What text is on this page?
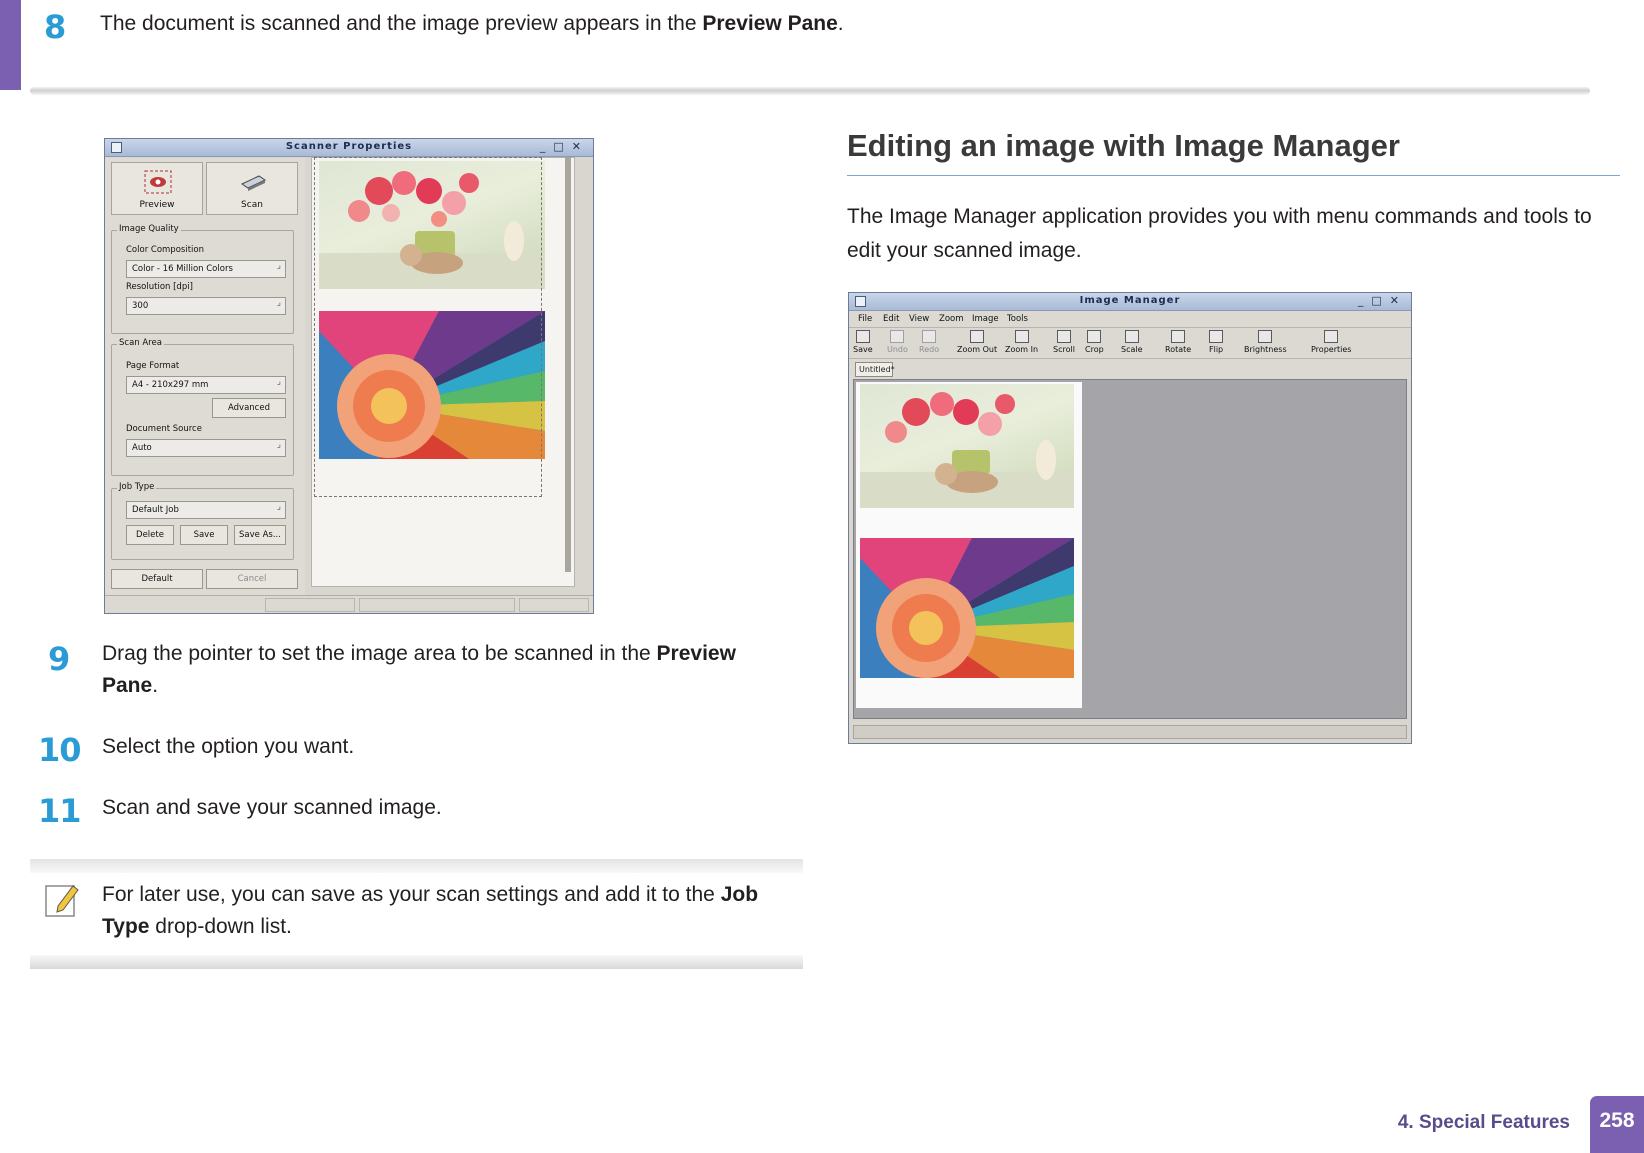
8 The document is scanned and the image preview appears in the Preview Pane.
Scanner Properties	_□✕
Preview	Scan
Image Quality
Color Composition
Color - 16 Million Colors ⌟
Resolution [dpi]
300 ⌟
Scan Area
Page Format
A4 - 210x297 mm ⌟
Advanced
Document Source
Auto ⌟
Job Type
Default Job ⌟
Delete	Save	Save As...
Default	Cancel
9 Drag the pointer to set the image area to be scanned in the Preview Pane.
10 Select the option you want.
11 Scan and save your scanned image.
For later use, you can save as your scan settings and add it to the Job Type drop-down list.
Editing an image with Image Manager
The Image Manager application provides you with menu commands and tools to edit your scanned image.
Image Manager	_□✕
File Edit View Zoom Image Tools
Save Undo Redo Zoom Out Zoom In Scroll Crop Scale	Rotate Flip	Brightness	Properties
Untitled*
4. Special Features	258
